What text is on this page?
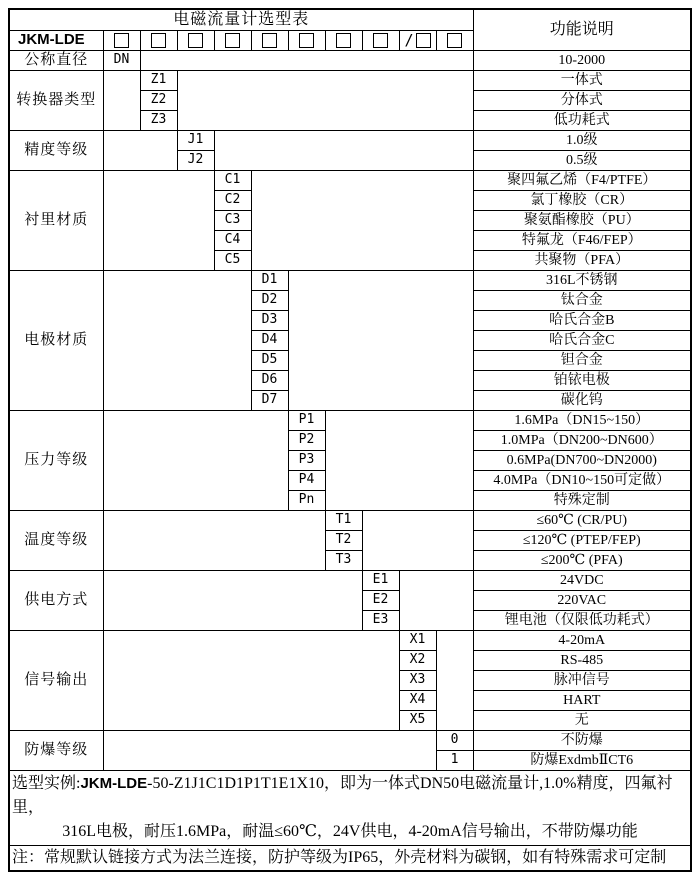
电磁流量计选型表											功能说明
JKM-LDE									/		
公称直径	DN										10-2000
转换器类型		Z1									一体式
		Z2									分体式
		Z3									低功耗式
精度等级			J1								1.0级
			J2								0.5级
衬里材质				C1							聚四氟乙烯（F4/PTFE）
				C2							氯丁橡胶（CR）
				C3							聚氨酯橡胶（PU）
				C4							特氟龙（F46/FEP）
				C5							共聚物（PFA）
电极材质					D1						316L不锈钢
					D2						钛合金
					D3						哈氏合金B
					D4						哈氏合金C
					D5						钽合金
					D6						铂铱电极
					D7						碳化钨
压力等级						P1					1.6MPa（DN15~150）
						P2					1.0MPa（DN200~DN600）
						P3					0.6MPa(DN700~DN2000)
						P4					4.0MPa（DN10~150可定做）
						Pn					特殊定制
温度等级							T1				≤60℃ (CR/PU)
							T2				≤120℃ (PTEP/FEP)
							T3				≤200℃ (PFA)
供电方式								E1			24VDC
								E2			220VAC
								E3			锂电池（仅限低功耗式）
信号输出									X1		4-20mA
									X2		RS-485
									X3		脉冲信号
									X4		HART
									X5		无
防爆等级										0	不防爆
										1	防爆ExdmbⅡCT6

选型实例:JKM-LDE-50-Z1J1C1D1P1T1E1X10，即为一体式DN50电磁流量计,1.0%精度，四氟衬里，
316L电极，耐压1.6MPa，耐温≤60℃，24V供电，4-20mA信号输出，不带防爆功能											

注：常规默认链接方式为法兰连接，防护等级为IP65，外壳材料为碳钢，如有特殊需求可定制											
